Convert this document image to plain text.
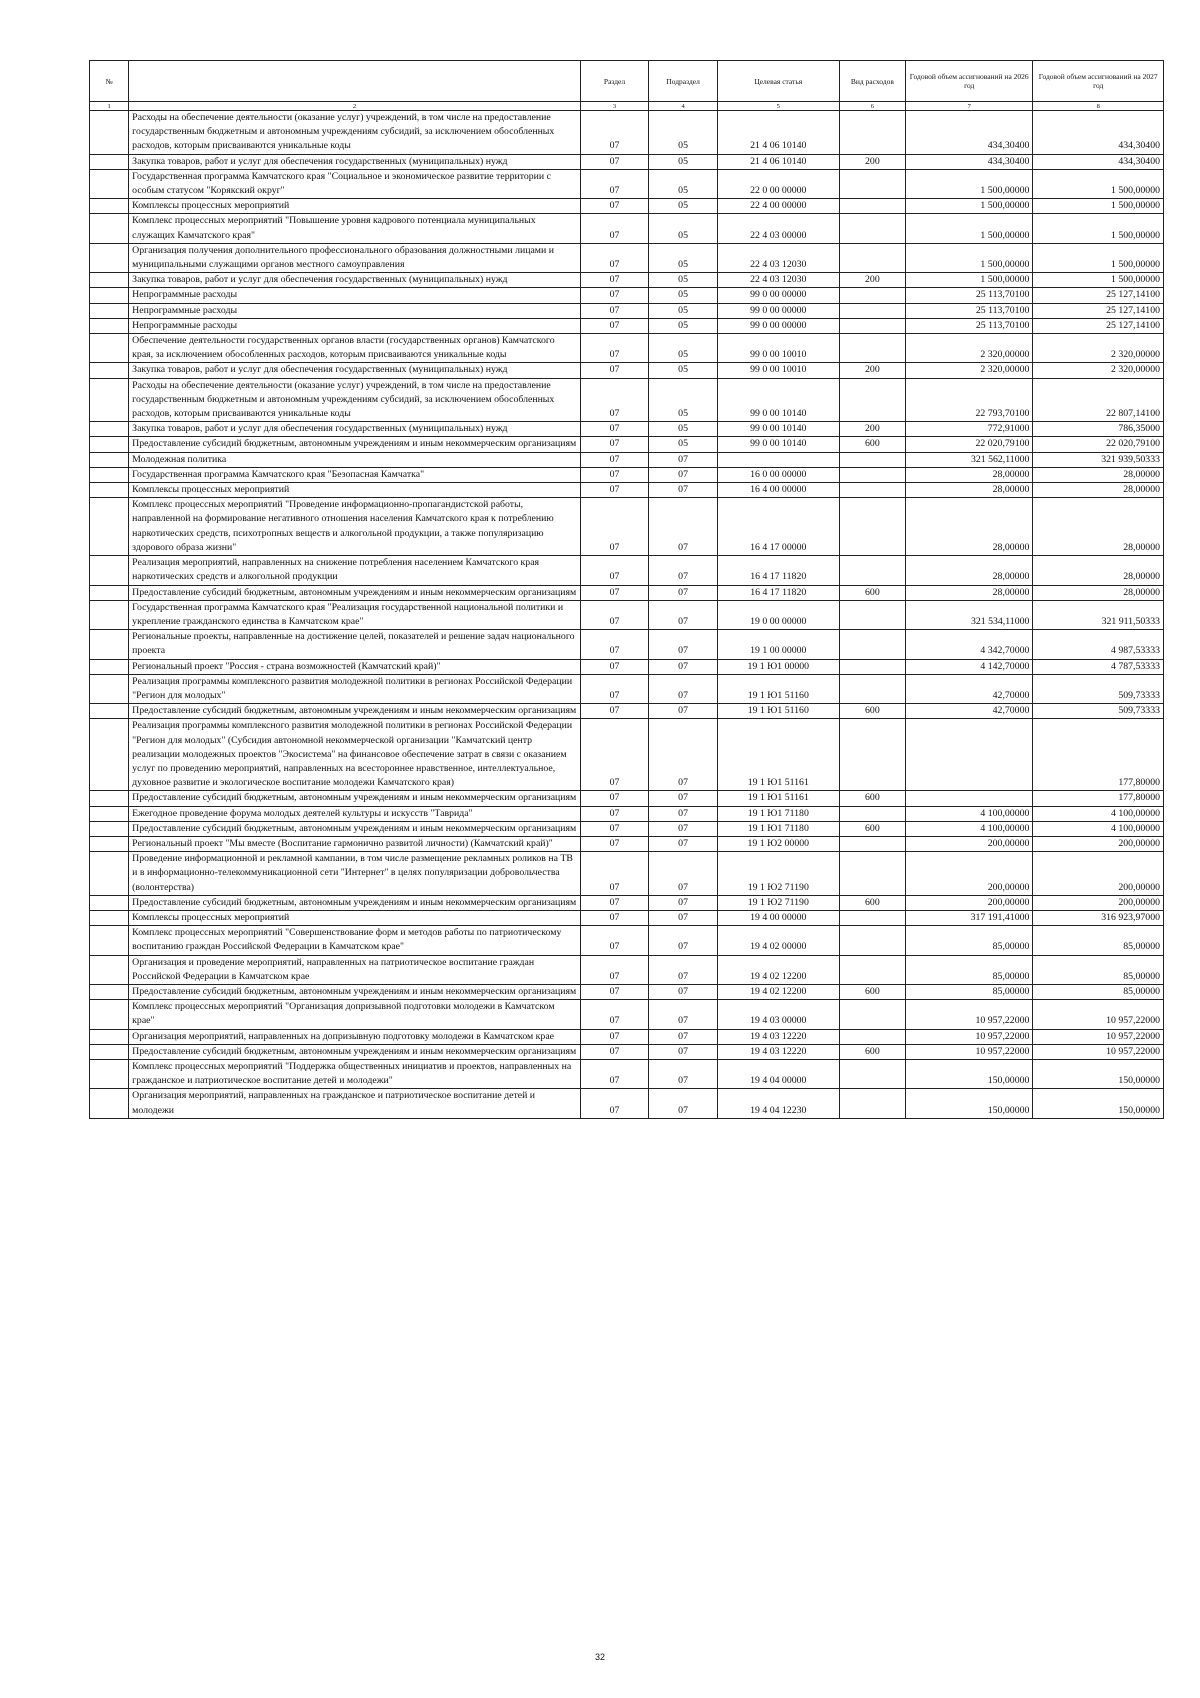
№		Раздел	Подраздел	Целевая статья	Вид расходов	Годовой объем ассигнований на 2026 год	Годовой объем ассигнований на 2027 год
1	2	3	4	5	6	7	8
	Расходы на обеспечение деятельности (оказание услуг) учреждений, в том числе на предоставление государственным бюджетным и автономным учреждениям субсидий, за исключением обособленных расходов, которым присваиваются уникальные коды	07	05	21 4 06 10140		434,30400	434,30400
	Закупка товаров, работ и услуг для обеспечения государственных (муниципальных) нужд	07	05	21 4 06 10140	200	434,30400	434,30400
	Государственная программа Камчатского края "Социальное и экономическое развитие территории с особым статусом "Корякский округ"	07	05	22 0 00 00000		1 500,00000	1 500,00000
	Комплексы процессных мероприятий	07	05	22 4 00 00000		1 500,00000	1 500,00000
	Комплекс процессных мероприятий "Повышение уровня кадрового потенциала муниципальных служащих Камчатского края"	07	05	22 4 03 00000		1 500,00000	1 500,00000
	Организация получения дополнительного профессионального образования должностными лицами и муниципальными служащими органов местного самоуправления	07	05	22 4 03 12030		1 500,00000	1 500,00000
	Закупка товаров, работ и услуг для обеспечения государственных (муниципальных) нужд	07	05	22 4 03 12030	200	1 500,00000	1 500,00000
	Непрограммные расходы	07	05	99 0 00 00000		25 113,70100	25 127,14100
	Непрограммные расходы	07	05	99 0 00 00000		25 113,70100	25 127,14100
	Непрограммные расходы	07	05	99 0 00 00000		25 113,70100	25 127,14100
	Обеспечение деятельности государственных органов власти (государственных органов) Камчатского края, за исключением обособленных расходов, которым присваиваются уникальные коды	07	05	99 0 00 10010		2 320,00000	2 320,00000
	Закупка товаров, работ и услуг для обеспечения государственных (муниципальных) нужд	07	05	99 0 00 10010	200	2 320,00000	2 320,00000
	Расходы на обеспечение деятельности (оказание услуг) учреждений, в том числе на предоставление государственным бюджетным и автономным учреждениям субсидий, за исключением обособленных расходов, которым присваиваются уникальные коды	07	05	99 0 00 10140		22 793,70100	22 807,14100
	Закупка товаров, работ и услуг для обеспечения государственных (муниципальных) нужд	07	05	99 0 00 10140	200	772,91000	786,35000
	Предоставление субсидий бюджетным, автономным учреждениям и иным некоммерческим организациям	07	05	99 0 00 10140	600	22 020,79100	22 020,79100
	Молодежная политика	07	07			321 562,11000	321 939,50333
	Государственная программа Камчатского края "Безопасная Камчатка"	07	07	16 0 00 00000		28,00000	28,00000
	Комплексы процессных мероприятий	07	07	16 4 00 00000		28,00000	28,00000
	Комплекс процессных мероприятий "Проведение информационно-пропагандистской работы, направленной на формирование негативного отношения населения Камчатского края к потреблению наркотических средств, психотропных веществ и алкогольной продукции, а также популяризацию здорового образа жизни"	07	07	16 4 17 00000		28,00000	28,00000
	Реализация мероприятий, направленных на снижение потребления населением Камчатского края наркотических средств и алкогольной продукции	07	07	16 4 17 11820		28,00000	28,00000
	Предоставление субсидий бюджетным, автономным учреждениям и иным некоммерческим организациям	07	07	16 4 17 11820	600	28,00000	28,00000
	Государственная программа Камчатского края "Реализация государственной национальной политики и укрепление гражданского единства в Камчатском крае"	07	07	19 0 00 00000		321 534,11000	321 911,50333
	Региональные проекты, направленные на достижение целей, показателей и решение задач национального проекта	07	07	19 1 00 00000		4 342,70000	4 987,53333
	Региональный проект "Россия - страна возможностей (Камчатский край)"	07	07	19 1 Ю1 00000		4 142,70000	4 787,53333
	Реализация программы комплексного развития молодежной политики в регионах Российской Федерации "Регион для молодых"	07	07	19 1 Ю1 51160		42,70000	509,73333
	Предоставление субсидий бюджетным, автономным учреждениям и иным некоммерческим организациям	07	07	19 1 Ю1 51160	600	42,70000	509,73333
	Реализация программы комплексного развития молодежной политики в регионах Российской Федерации "Регион для молодых" (Субсидия автономной некоммерческой организации "Камчатский центр реализации молодежных проектов "Экосистема" на финансовое обеспечение затрат в связи с оказанием услуг по проведению мероприятий, направленных на всестороннее нравственное, интеллектуальное, духовное развитие и экологическое воспитание молодежи Камчатского края)	07	07	19 1 Ю1 51161			177,80000
	Предоставление субсидий бюджетным, автономным учреждениям и иным некоммерческим организациям	07	07	19 1 Ю1 51161	600		177,80000
	Ежегодное проведение форума молодых деятелей культуры и искусств "Таврида"	07	07	19 1 Ю1 71180		4 100,00000	4 100,00000
	Предоставление субсидий бюджетным, автономным учреждениям и иным некоммерческим организациям	07	07	19 1 Ю1 71180	600	4 100,00000	4 100,00000
	Региональный проект "Мы вместе (Воспитание гармонично развитой личности) (Камчатский край)"	07	07	19 1 Ю2 00000		200,00000	200,00000
	Проведение информационной и рекламной кампании, в том числе размещение рекламных роликов на ТВ и в информационно-телекоммуникационной сети "Интернет" в целях популяризации добровольчества (волонтерства)	07	07	19 1 Ю2 71190		200,00000	200,00000
	Предоставление субсидий бюджетным, автономным учреждениям и иным некоммерческим организациям	07	07	19 1 Ю2 71190	600	200,00000	200,00000
	Комплексы процессных мероприятий	07	07	19 4 00 00000		317 191,41000	316 923,97000
	Комплекс процессных мероприятий "Совершенствование форм и методов работы по патриотическому воспитанию граждан Российской Федерации в Камчатском крае"	07	07	19 4 02 00000		85,00000	85,00000
	Организация и проведение мероприятий, направленных на патриотическое воспитание граждан Российской Федерации в Камчатском крае	07	07	19 4 02 12200		85,00000	85,00000
	Предоставление субсидий бюджетным, автономным учреждениям и иным некоммерческим организациям	07	07	19 4 02 12200	600	85,00000	85,00000
	Комплекс процессных мероприятий "Организация допризывной подготовки молодежи в Камчатском крае"	07	07	19 4 03 00000		10 957,22000	10 957,22000
	Организация мероприятий, направленных на допризывную подготовку молодежи в Камчатском крае	07	07	19 4 03 12220		10 957,22000	10 957,22000
	Предоставление субсидий бюджетным, автономным учреждениям и иным некоммерческим организациям	07	07	19 4 03 12220	600	10 957,22000	10 957,22000
	Комплекс процессных мероприятий "Поддержка общественных инициатив и проектов, направленных на гражданское и патриотическое воспитание детей и молодежи"	07	07	19 4 04 00000		150,00000	150,00000
	Организация мероприятий, направленных на гражданское и патриотическое воспитание детей и молодежи	07	07	19 4 04 12230		150,00000	150,00000
32
